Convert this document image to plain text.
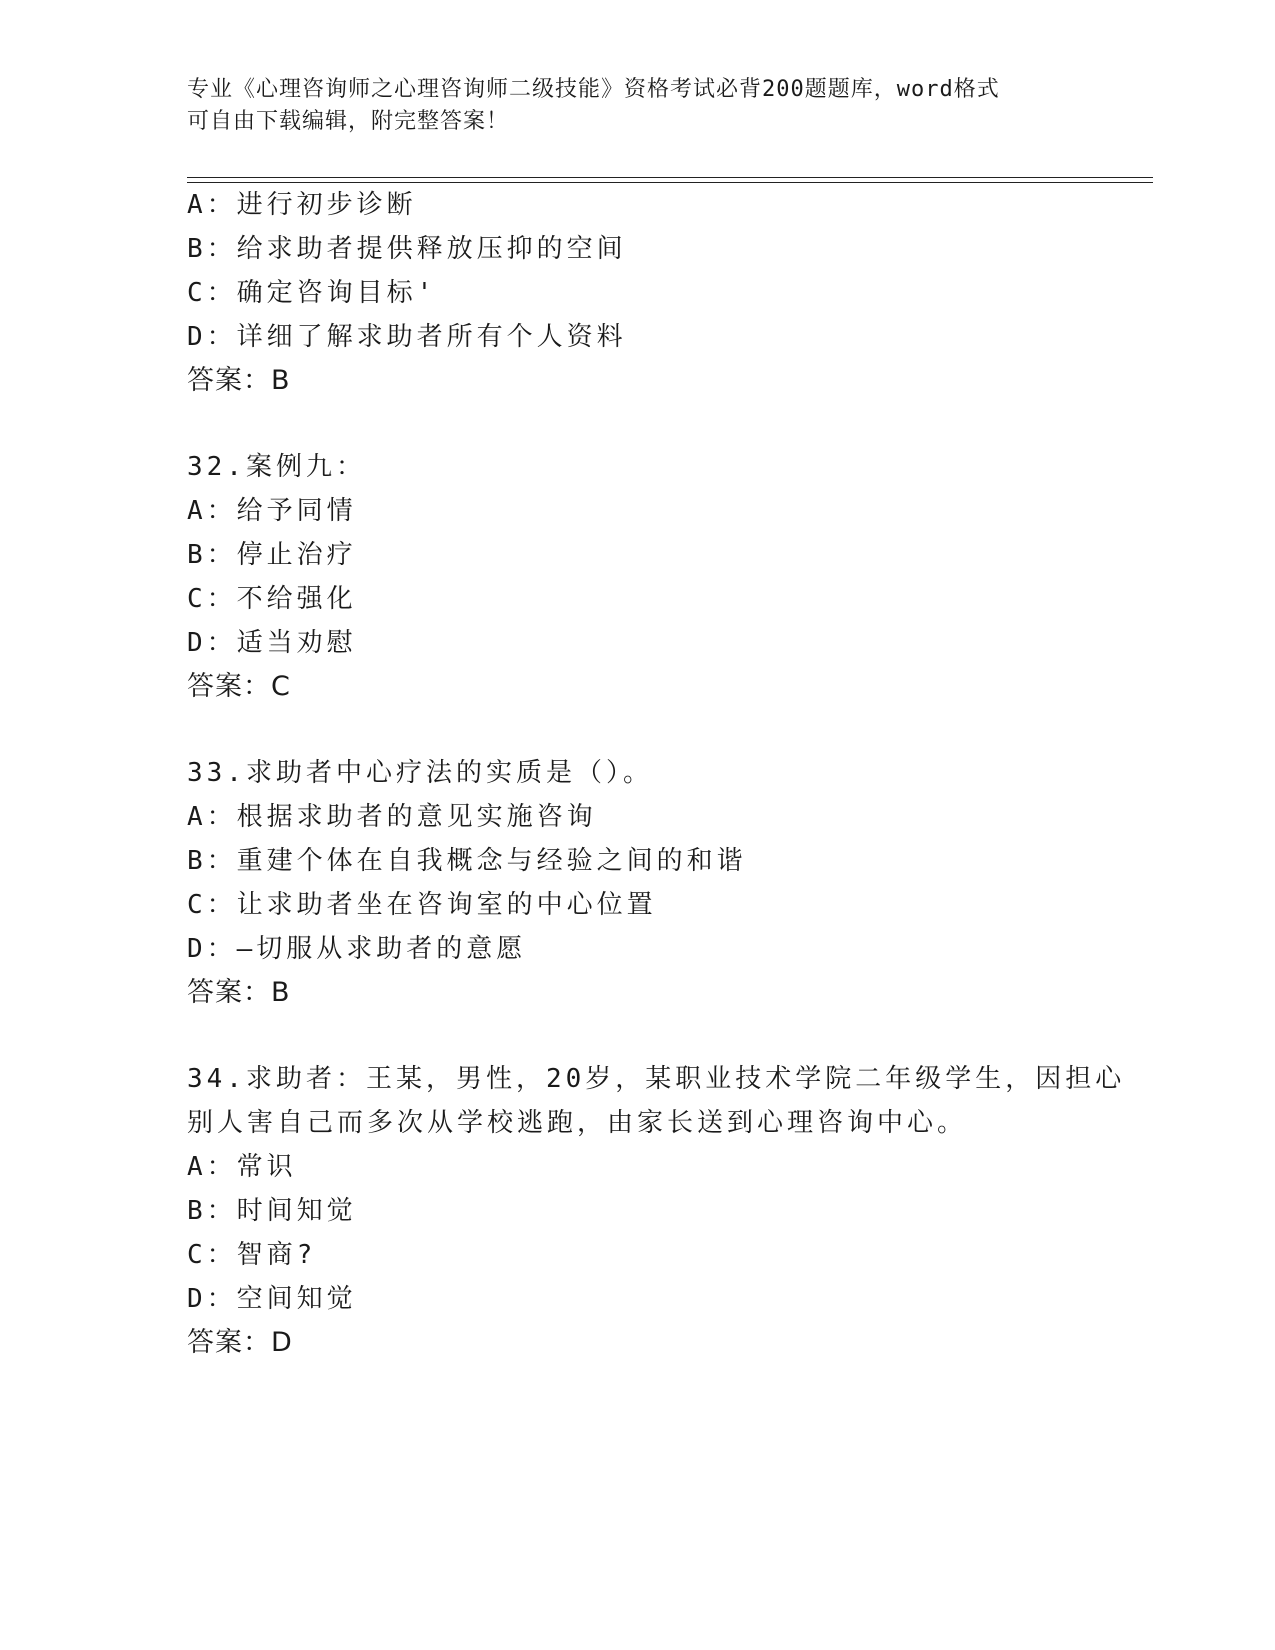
专业《心理咨询师之心理咨询师二级技能》资格考试必背200题题库，word格式
可自由下载编辑，附完整答案！
A：进行初步诊断
B：给求助者提供释放压抑的空间
C：确定咨询目标'
D：详细了解求助者所有个人资料
答案：B
32.案例九：
A：给予同情
B：停止治疗
C：不给强化
D：适当劝慰
答案：C
33.求助者中心疗法的实质是（）。
A：根据求助者的意见实施咨询
B：重建个体在自我概念与经验之间的和谐
C：让求助者坐在咨询室的中心位置
D：—切服从求助者的意愿
答案：B
34.求助者：王某，男性，20岁，某职业技术学院二年级学生，因担心
别人害自己而多次从学校逃跑，由家长送到心理咨询中心。
A：常识
B：时间知觉
C：智商?
D：空间知觉
答案：D
